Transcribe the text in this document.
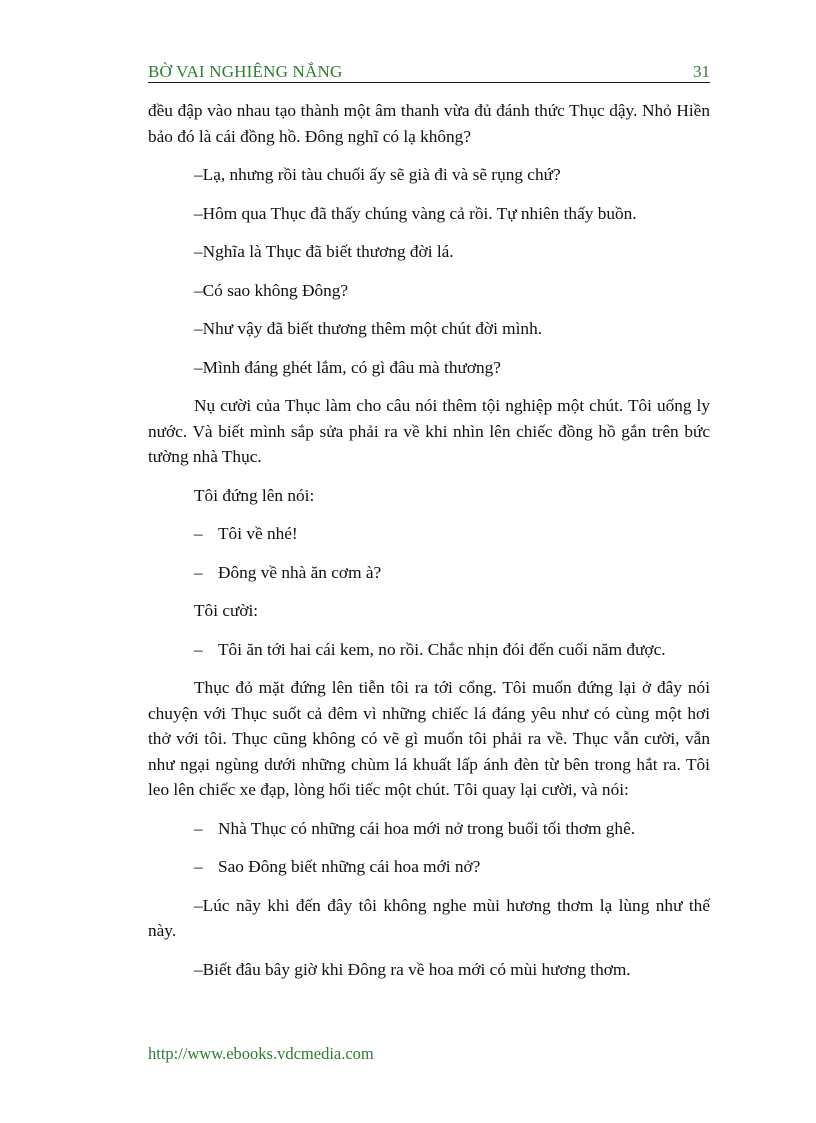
BỜ VAI NGHIÊNG NẮNG	31

đều đập vào nhau tạo thành một âm thanh vừa đủ đánh thức Thục dậy. Nhỏ Hiền bảo đó là cái đồng hồ. Đông nghĩ có lạ không?

–Lạ, nhưng rồi tàu chuối ấy sẽ già đi và sẽ rụng chứ?

–Hôm qua Thục đã thấy chúng vàng cả rồi. Tự nhiên thấy buồn.

–Nghĩa là Thục đã biết thương đời lá.

–Có sao không Đông?

–Như vậy đã biết thương thêm một chút đời mình.

–Mình đáng ghét lắm, có gì đâu mà thương?

Nụ cười của Thục làm cho câu nói thêm tội nghiệp một chút. Tôi uống ly nước. Và biết mình sắp sửa phải ra về khi nhìn lên chiếc đồng hồ gắn trên bức tường nhà Thục.

Tôi đứng lên nói:

– Tôi về nhé!

– Đông về nhà ăn cơm à?

Tôi cười:

– Tôi ăn tới hai cái kem, no rồi. Chắc nhịn đói đến cuối năm được.

Thục đỏ mặt đứng lên tiễn tôi ra tới cổng. Tôi muốn đứng lại ở đây nói chuyện với Thục suốt cả đêm vì những chiếc lá đáng yêu như có cùng một hơi thở với tôi. Thục cũng không có vẽ gì muốn tôi phải ra về. Thục vẫn cười, vẫn như ngại ngùng dưới những chùm lá khuất lấp ánh đèn từ bên trong hắt ra. Tôi leo lên chiếc xe đạp, lòng hối tiếc một chút. Tôi quay lại cười, và nói:

– Nhà Thục có những cái hoa mới nở trong buổi tối thơm ghê.

– Sao Đông biết những cái hoa mới nở?

–Lúc nãy khi đến đây tôi không nghe mùi hương thơm lạ lùng như thế này.

–Biết đâu bây giờ khi Đông ra về hoa mới có mùi hương thơm.

http://www.ebooks.vdcmedia.com
